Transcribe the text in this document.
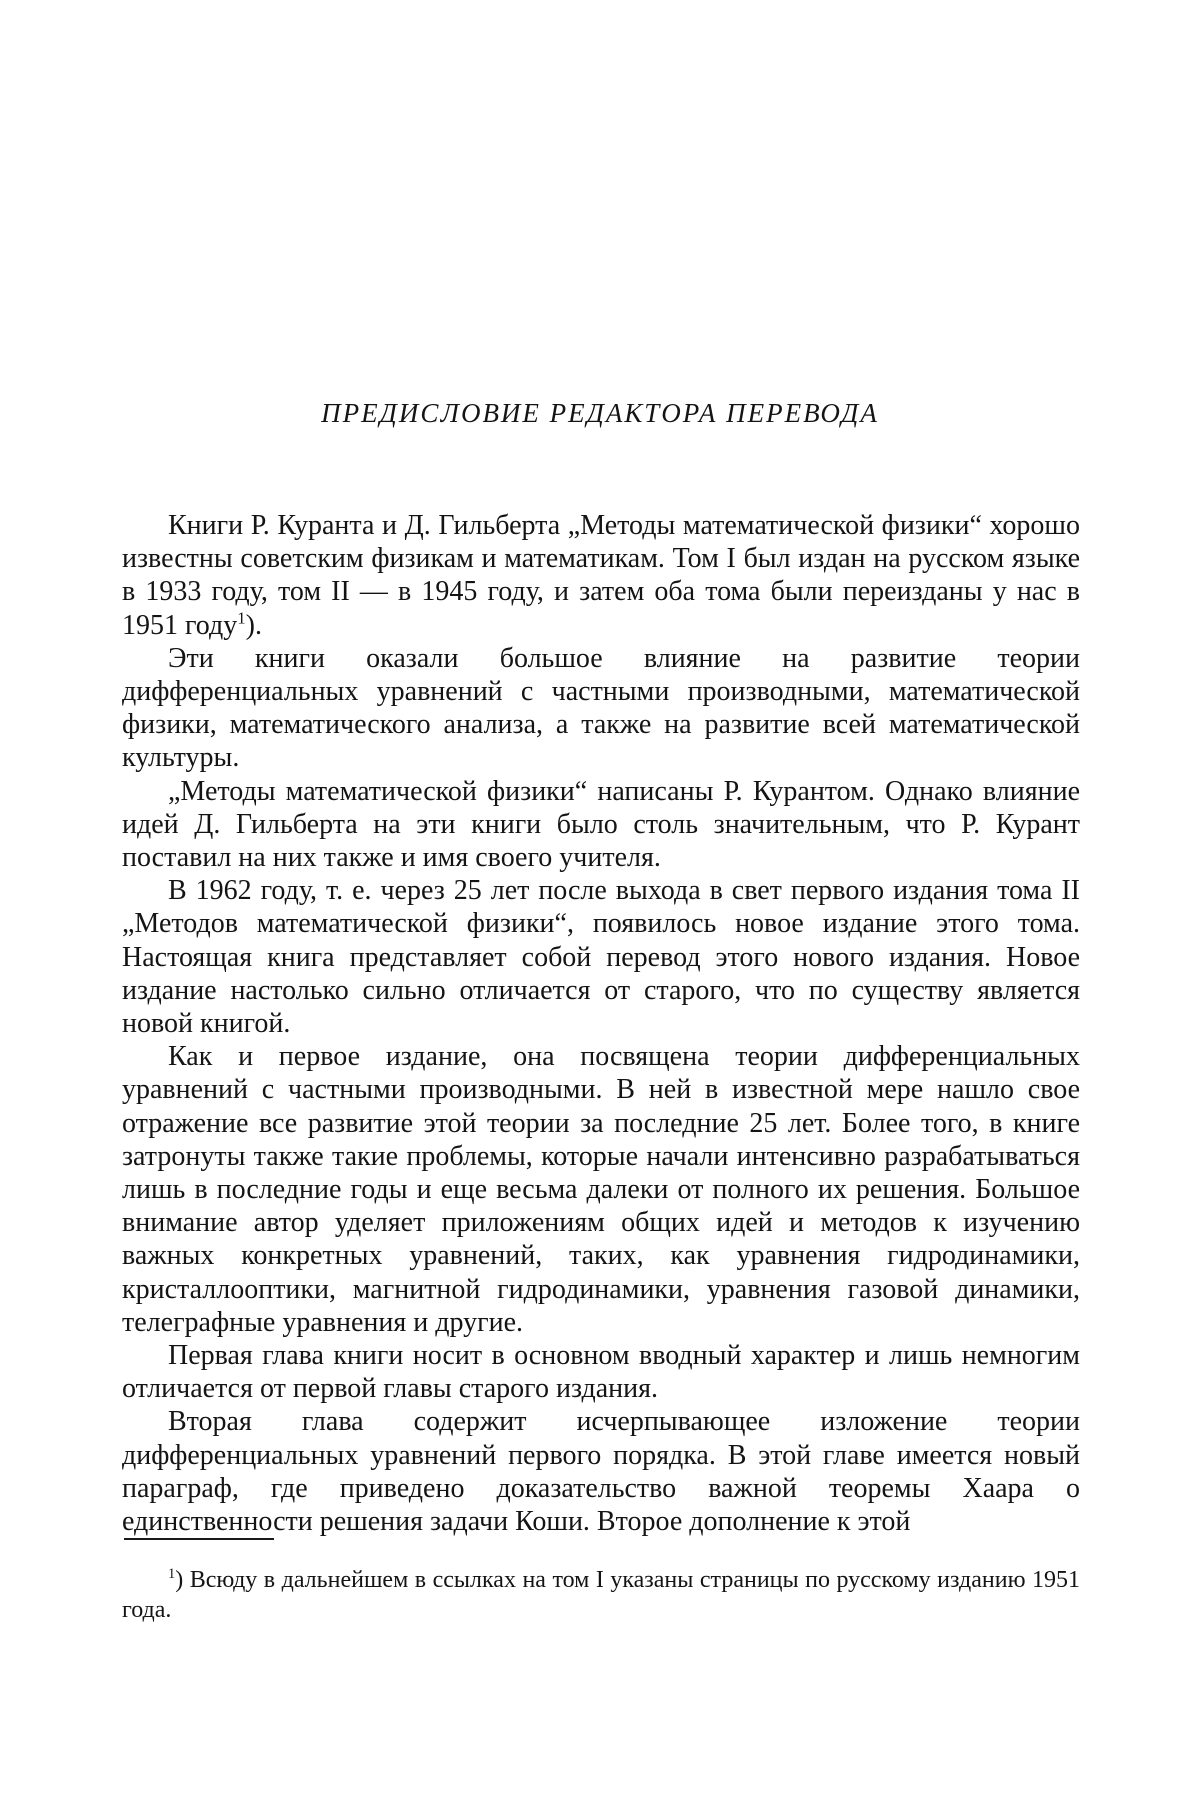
ПРЕДИСЛОВИЕ РЕДАКТОРА ПЕРЕВОДА

Книги Р. Куранта и Д. Гильберта „Методы математической физики“ хорошо известны советским физикам и математикам. Том I был издан на русском языке в 1933 году, том II — в 1945 году, и затем оба тома были переизданы у нас в 1951 году$^1$).

Эти книги оказали большое влияние на развитие теории дифференциальных уравнений с частными производными, математической физики, математического анализа, а также на развитие всей математической культуры.

„Методы математической физики“ написаны Р. Курантом. Однако влияние идей Д. Гильберта на эти книги было столь значительным, что Р. Курант поставил на них также и имя своего учителя.

В 1962 году, т. е. через 25 лет после выхода в свет первого издания тома II „Методов математической физики“, появилось новое издание этого тома. Настоящая книга представляет собой перевод этого нового издания. Новое издание настолько сильно отличается от старого, что по существу является новой книгой.

Как и первое издание, она посвящена теории дифференциальных уравнений с частными производными. В ней в известной мере нашло свое отражение все развитие этой теории за последние 25 лет. Более того, в книге затронуты также такие проблемы, которые начали интенсивно разрабатываться лишь в последние годы и еще весьма далеки от полного их решения. Большое внимание автор уделяет приложениям общих идей и методов к изучению важных конкретных уравнений, таких, как уравнения гидродинамики, кристаллооптики, магнитной гидродинамики, уравнения газовой динамики, телеграфные уравнения и другие.

Первая глава книги носит в основном вводный характер и лишь немногим отличается от первой главы старого издания.

Вторая глава содержит исчерпывающее изложение теории дифференциальных уравнений первого порядка. В этой главе имеется новый параграф, где приведено доказательство важной теоремы Хаара о единственности решения задачи Коши. Второе дополнение к этой

$^1$) Всюду в дальнейшем в ссылках на том I указаны страницы по русскому изданию 1951 года.
